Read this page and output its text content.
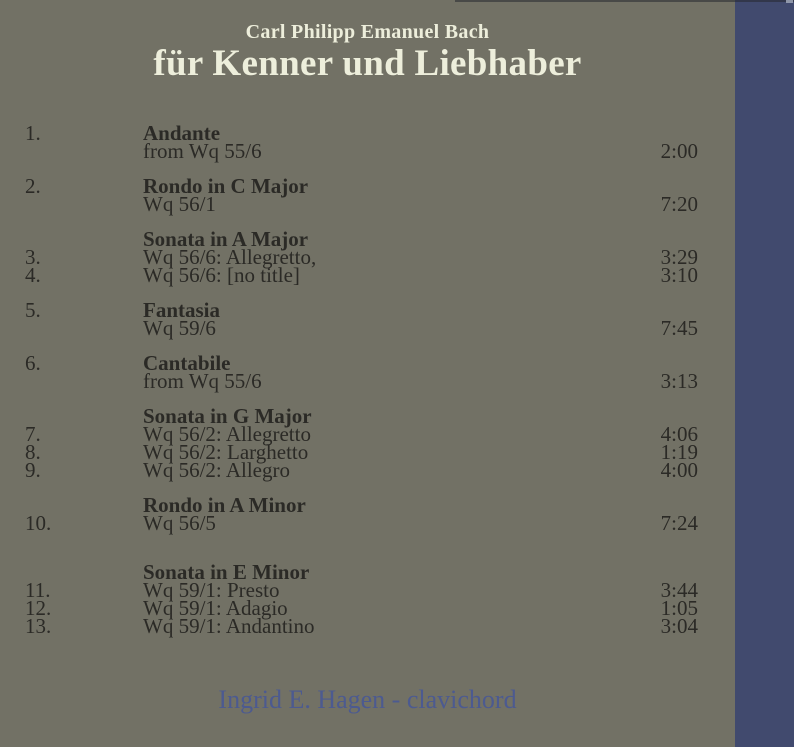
Carl Philipp Emanuel Bach
für Kenner und Liebhaber
1.	Andante
from Wq 55/6	2:00
2.	Rondo in C Major
Wq 56/1	7:20
Sonata in A Major
3.	Wq 56/6: Allegretto,	3:29
4.	Wq 56/6: [no title]	3:10
5.	Fantasia
Wq 59/6	7:45
6.	Cantabile
from Wq 55/6	3:13
Sonata in G Major
7.	Wq 56/2: Allegretto	4:06
8.	Wq 56/2: Larghetto	1:19
9.	Wq 56/2: Allegro	4:00
Rondo in A Minor
10.	Wq 56/5	7:24
Sonata in E Minor
11.	Wq 59/1: Presto	3:44
12.	Wq 59/1: Adagio	1:05
13.	Wq 59/1: Andantino	3:04
Ingrid E. Hagen - clavichord
